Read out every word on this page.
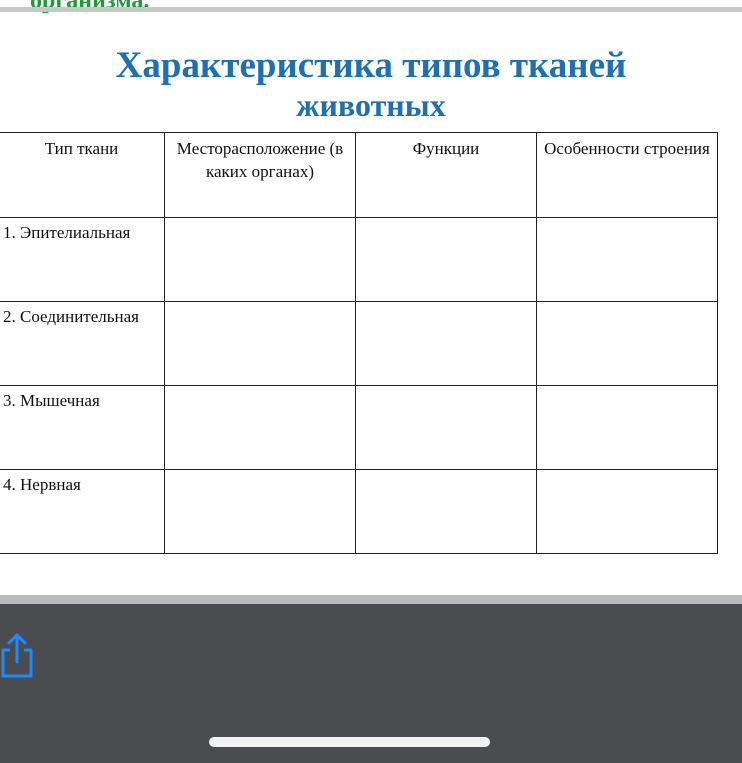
Характеристика типов тканей
животных
Тип ткани	Месторасположение (в каких органах)	Функции	Особенности строения
1. Эпителиальная			
2. Соединительная			
3. Мышечная			
4. Нервная			
